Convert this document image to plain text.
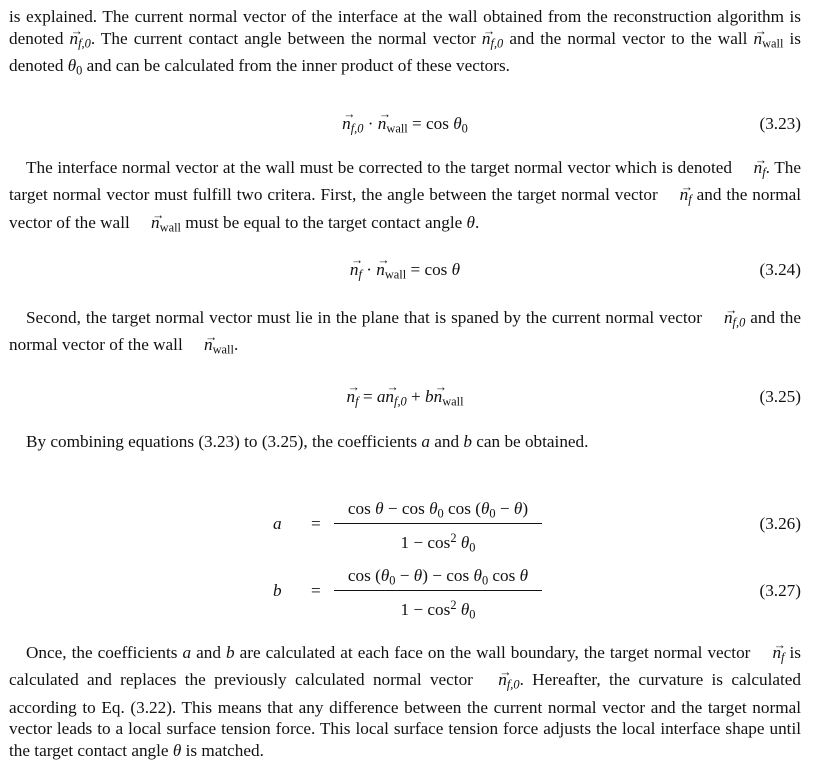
is explained. The current normal vector of the interface at the wall obtained from the reconstruction algorithm is denoted → $n_{f,0}$. The current contact angle between the normal vector → $n_{f,0}$ and the normal vector to the wall → $n_{wall}$ is denoted $\theta_0$ and can be calculated from the inner product of these vectors.

→ $n_{f,0}$ · → $n_{wall} = \cos \theta_0$	(3.23)

The interface normal vector at the wall must be corrected to the target normal vector which is denoted → $n_f$. The target normal vector must fulfill two critera. First, the angle between the target normal vector → $n_f$ and the normal vector of the wall → $n_{wall}$ must be equal to the target contact angle θ.

→ $n_f$ · → $n_{wall} = \cos \theta$	(3.24)

Second, the target normal vector must lie in the plane that is spaned by the current normal vector → $n_{f,0}$ and the normal vector of the wall → $n_{wall}$.

→ $n_f = a\to n_{f,0} + b\to n_{wall}$	(3.25)

By combining equations (3.23) to (3.25), the coefficients a and b can be obtained.

a =
$\cos \theta - \cos \theta_0$ $\cos (\theta_0 - \theta)$
$1 - \cos^2 \theta_0$
(3.26)
b =
$\cos (\theta_0 - \theta) - \cos \theta_0$ cos θ
$1 - \cos^2 \theta_0$
(3.27)

Once, the coefficients a and b are calculated at each face on the wall boundary, the target normal vector → $n_f$ is calculated and replaces the previously calculated normal vector → $n_{f,0}$. Hereafter, the curvature is calculated according to Eq. (3.22). This means that any difference between the current normal vector and the target normal vector leads to a local surface tension force. This local surface tension force adjusts the local interface shape until the target contact angle θ is matched.
